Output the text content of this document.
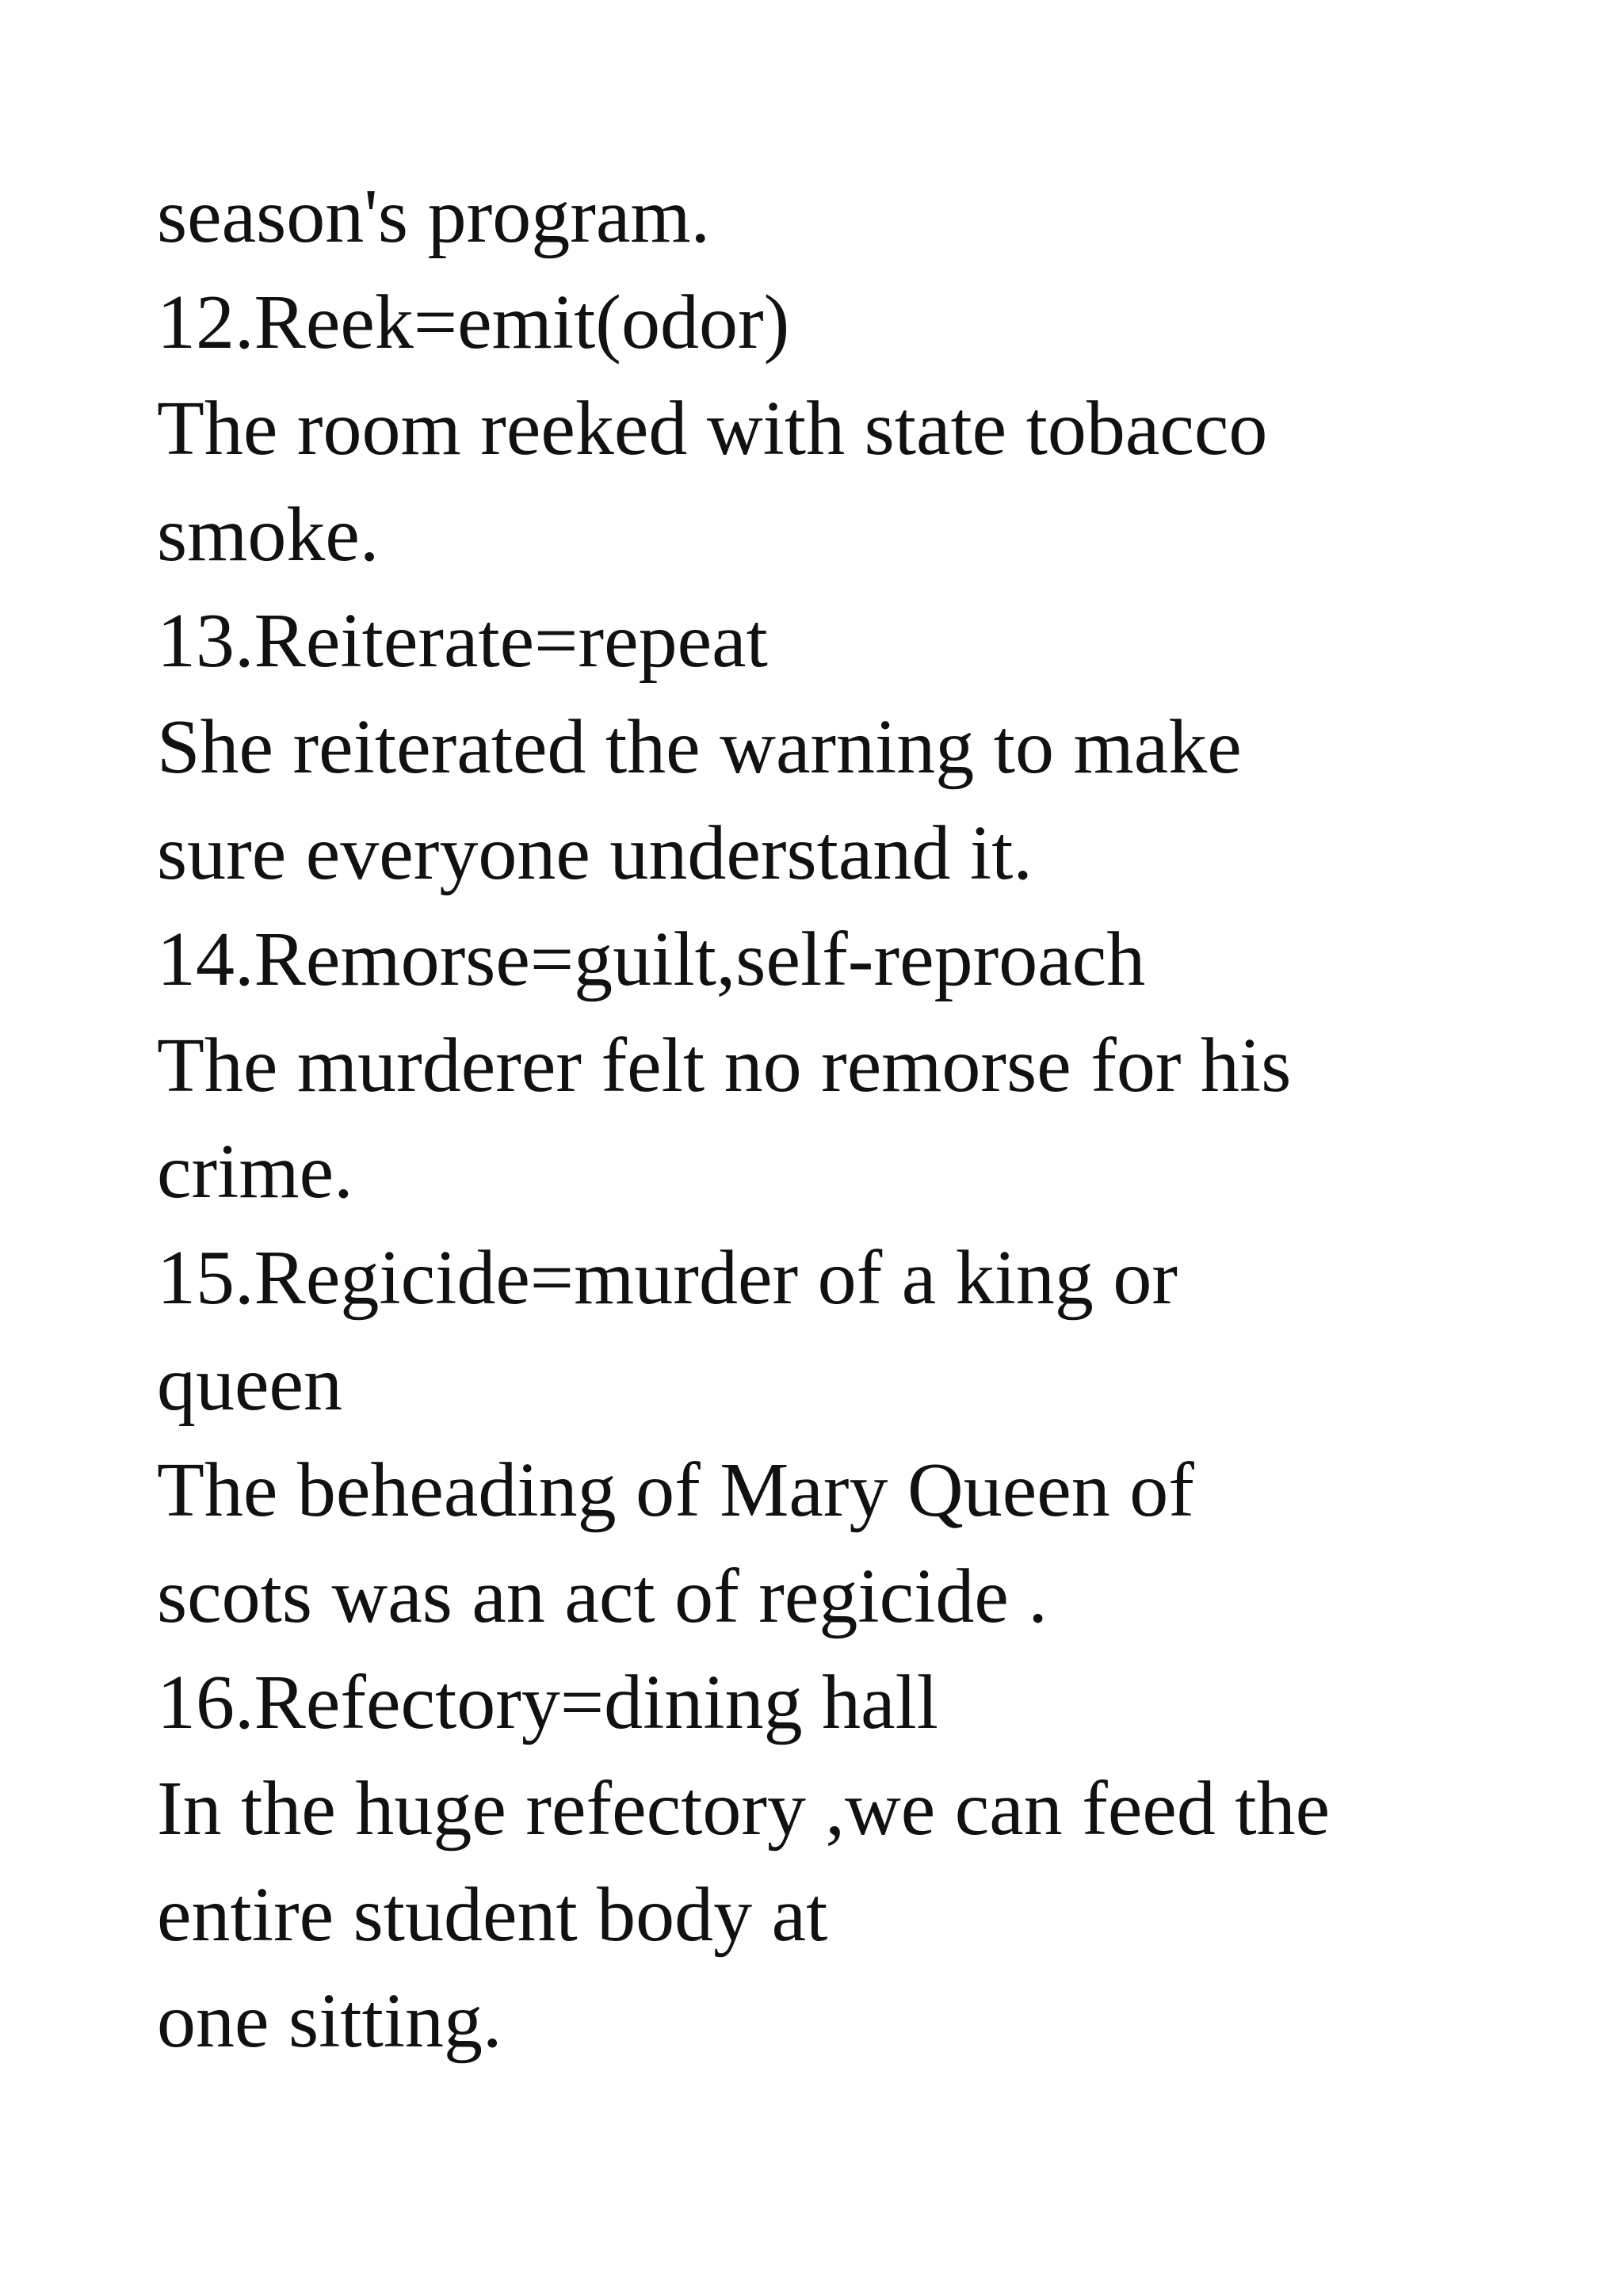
season's program.
12.Reek=emit(odor)
The room reeked with state tobacco
smoke.
13.Reiterate=repeat
She reiterated the warning to make
sure everyone understand it.
14.Remorse=guilt,self-reproach
The murderer felt no remorse for his
crime.
15.Regicide=murder of a king or
queen
The beheading of Mary Queen of
scots was an act of regicide .
16.Refectory=dining hall
In the huge refectory ,we can feed the
entire student body at
one sitting.
